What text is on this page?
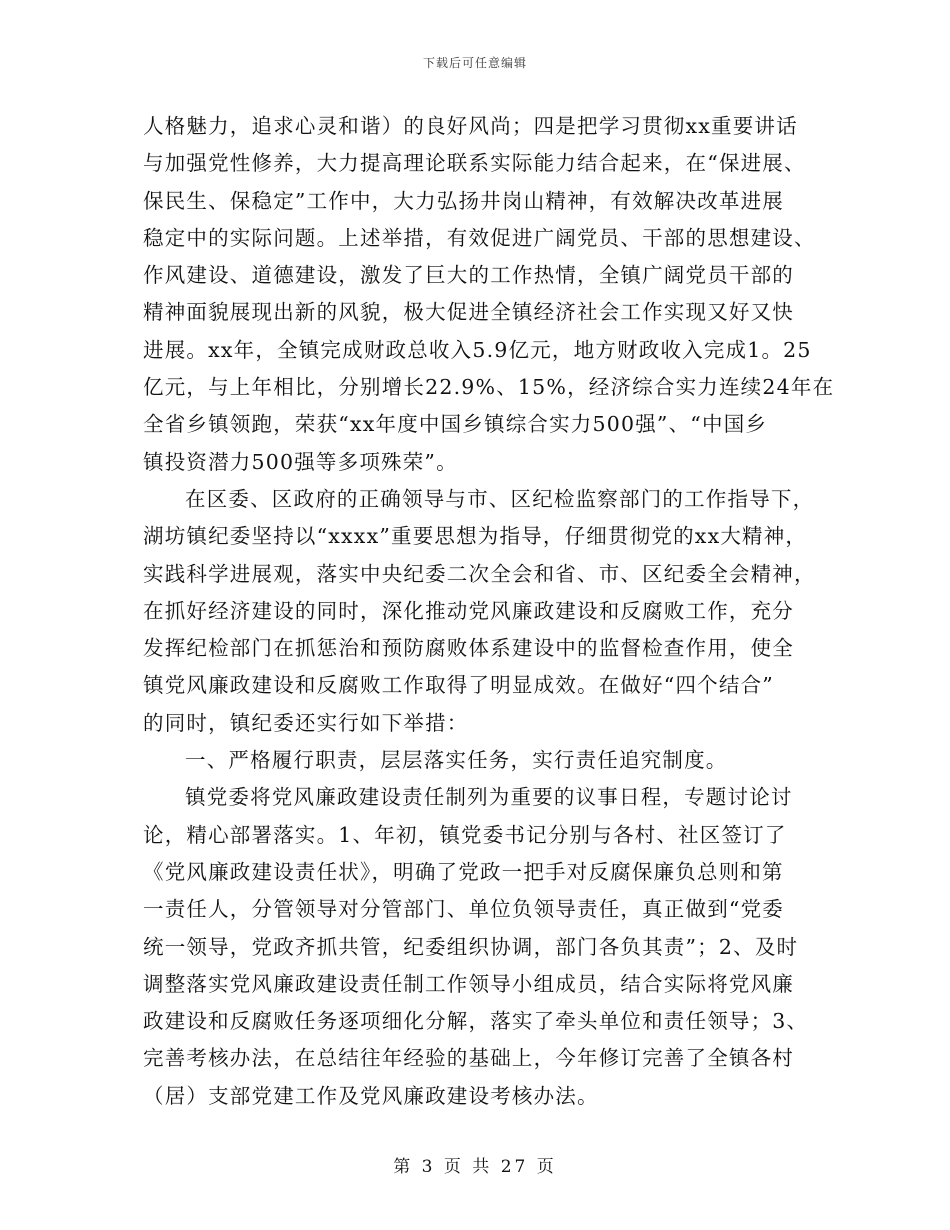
下载后可任意编辑
人格魅力，追求心灵和谐）的良好风尚；四是把学习贯彻xx重要讲话
与加强党性修养，大力提高理论联系实际能力结合起来，在“保进展、
保民生、保稳定”工作中，大力弘扬井岗山精神，有效解决改革进展
稳定中的实际问题。上述举措，有效促进广阔党员、干部的思想建设、
作风建设、道德建设，激发了巨大的工作热情，全镇广阔党员干部的
精神面貌展现出新的风貌，极大促进全镇经济社会工作实现又好又快
进展。xx年，全镇完成财政总收入5.9亿元，地方财政收入完成1。25
亿元，与上年相比，分别增长22.9%、15%，经济综合实力连续24年在
全省乡镇领跑，荣获“xx年度中国乡镇综合实力500强”、“中国乡
镇投资潜力500强等多项殊荣”。
在区委、区政府的正确领导与市、区纪检监察部门的工作指导下，
湖坊镇纪委坚持以“xxxx”重要思想为指导，仔细贯彻党的xx大精神，
实践科学进展观，落实中央纪委二次全会和省、市、区纪委全会精神，
在抓好经济建设的同时，深化推动党风廉政建设和反腐败工作，充分
发挥纪检部门在抓惩治和预防腐败体系建设中的监督检查作用，使全
镇党风廉政建设和反腐败工作取得了明显成效。在做好“四个结合”
的同时，镇纪委还实行如下举措：
一、严格履行职责，层层落实任务，实行责任追究制度。
镇党委将党风廉政建设责任制列为重要的议事日程，专题讨论讨
论，精心部署落实。1、年初，镇党委书记分别与各村、社区签订了
《党风廉政建设责任状》，明确了党政一把手对反腐保廉负总则和第
一责任人，分管领导对分管部门、单位负领导责任，真正做到“党委
统一领导，党政齐抓共管，纪委组织协调，部门各负其责”；2、及时
调整落实党风廉政建设责任制工作领导小组成员，结合实际将党风廉
政建设和反腐败任务逐项细化分解，落实了牵头单位和责任领导；3、
完善考核办法，在总结往年经验的基础上，今年修订完善了全镇各村
（居）支部党建工作及党风廉政建设考核办法。
第 3 页 共 27 页
